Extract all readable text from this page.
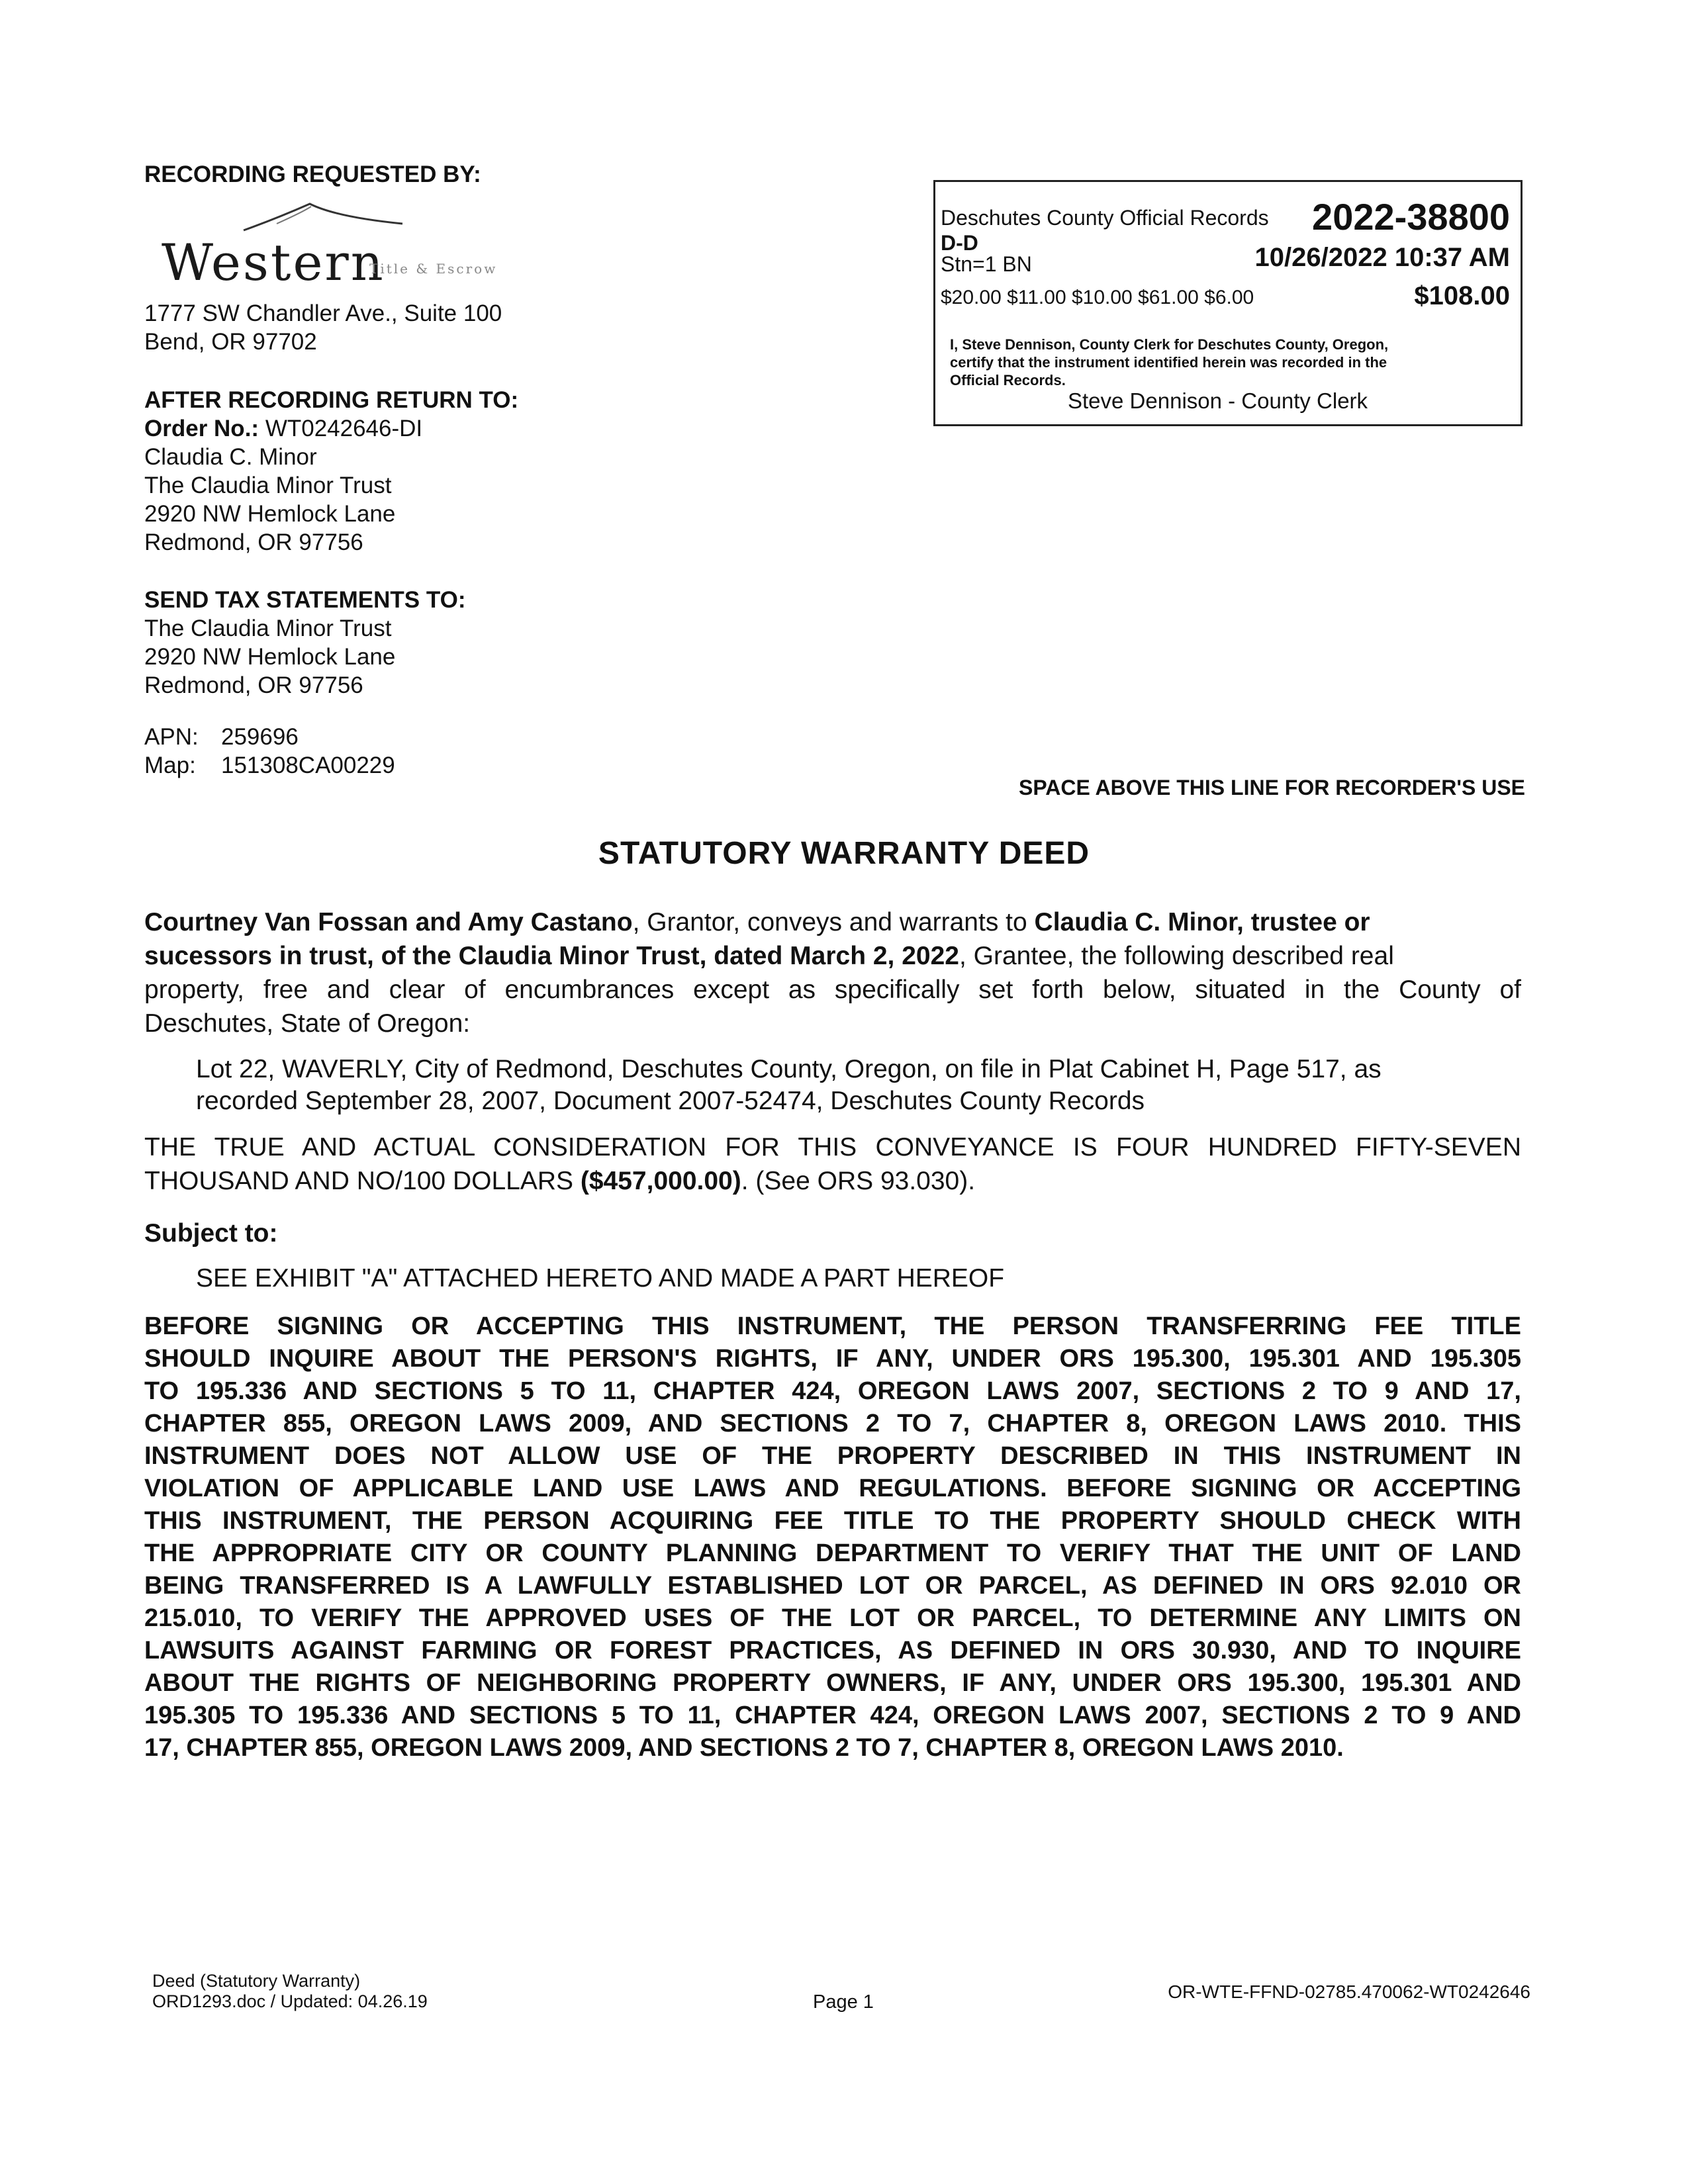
RECORDING REQUESTED BY:
Western
Title & Escrow
1777 SW Chandler Ave., Suite 100
Bend, OR 97702
AFTER RECORDING RETURN TO:
Order No.: WT0242646-DI
Claudia C. Minor
The Claudia Minor Trust
2920 NW Hemlock Lane
Redmond, OR 97756
SEND TAX STATEMENTS TO:
The Claudia Minor Trust
2920 NW Hemlock Lane
Redmond, OR 97756
APN: 259696
Map: 151308CA00229
Deschutes County Official Records 2022-38800
D-D
Stn=1 BN	10/26/2022 10:37 AM
$20.00 $11.00 $10.00 $61.00 $6.00	$108.00
I, Steve Dennison, County Clerk for Deschutes County, Oregon,
certify that the instrument identified herein was recorded in the
Official Records.
Steve Dennison - County Clerk
SPACE ABOVE THIS LINE FOR RECORDER'S USE
STATUTORY WARRANTY DEED
Courtney Van Fossan and Amy Castano, Grantor, conveys and warrants to Claudia C. Minor, trustee or
sucessors in trust, of the Claudia Minor Trust, dated March 2, 2022, Grantee, the following described real
property, free and clear of encumbrances except as specifically set forth below, situated in the County of
Deschutes, State of Oregon:
Lot 22, WAVERLY, City of Redmond, Deschutes County, Oregon, on file in Plat Cabinet H, Page 517, as
recorded September 28, 2007, Document 2007-52474, Deschutes County Records
THE TRUE AND ACTUAL CONSIDERATION FOR THIS CONVEYANCE IS FOUR HUNDRED FIFTY-SEVEN
THOUSAND AND NO/100 DOLLARS ($457,000.00). (See ORS 93.030).
Subject to:
SEE EXHIBIT "A" ATTACHED HERETO AND MADE A PART HEREOF
BEFORE SIGNING OR ACCEPTING THIS INSTRUMENT, THE PERSON TRANSFERRING FEE TITLE
SHOULD INQUIRE ABOUT THE PERSON'S RIGHTS, IF ANY, UNDER ORS 195.300, 195.301 AND 195.305
TO 195.336 AND SECTIONS 5 TO 11, CHAPTER 424, OREGON LAWS 2007, SECTIONS 2 TO 9 AND 17,
CHAPTER 855, OREGON LAWS 2009, AND SECTIONS 2 TO 7, CHAPTER 8, OREGON LAWS 2010. THIS
INSTRUMENT DOES NOT ALLOW USE OF THE PROPERTY DESCRIBED IN THIS INSTRUMENT IN
VIOLATION OF APPLICABLE LAND USE LAWS AND REGULATIONS. BEFORE SIGNING OR ACCEPTING
THIS INSTRUMENT, THE PERSON ACQUIRING FEE TITLE TO THE PROPERTY SHOULD CHECK WITH
THE APPROPRIATE CITY OR COUNTY PLANNING DEPARTMENT TO VERIFY THAT THE UNIT OF LAND
BEING TRANSFERRED IS A LAWFULLY ESTABLISHED LOT OR PARCEL, AS DEFINED IN ORS 92.010 OR
215.010, TO VERIFY THE APPROVED USES OF THE LOT OR PARCEL, TO DETERMINE ANY LIMITS ON
LAWSUITS AGAINST FARMING OR FOREST PRACTICES, AS DEFINED IN ORS 30.930, AND TO INQUIRE
ABOUT THE RIGHTS OF NEIGHBORING PROPERTY OWNERS, IF ANY, UNDER ORS 195.300, 195.301 AND
195.305 TO 195.336 AND SECTIONS 5 TO 11, CHAPTER 424, OREGON LAWS 2007, SECTIONS 2 TO 9 AND
17, CHAPTER 855, OREGON LAWS 2009, AND SECTIONS 2 TO 7, CHAPTER 8, OREGON LAWS 2010.
Deed (Statutory Warranty)
ORD1293.doc / Updated: 04.26.19	Page 1	OR-WTE-FFND-02785.470062-WT0242646
